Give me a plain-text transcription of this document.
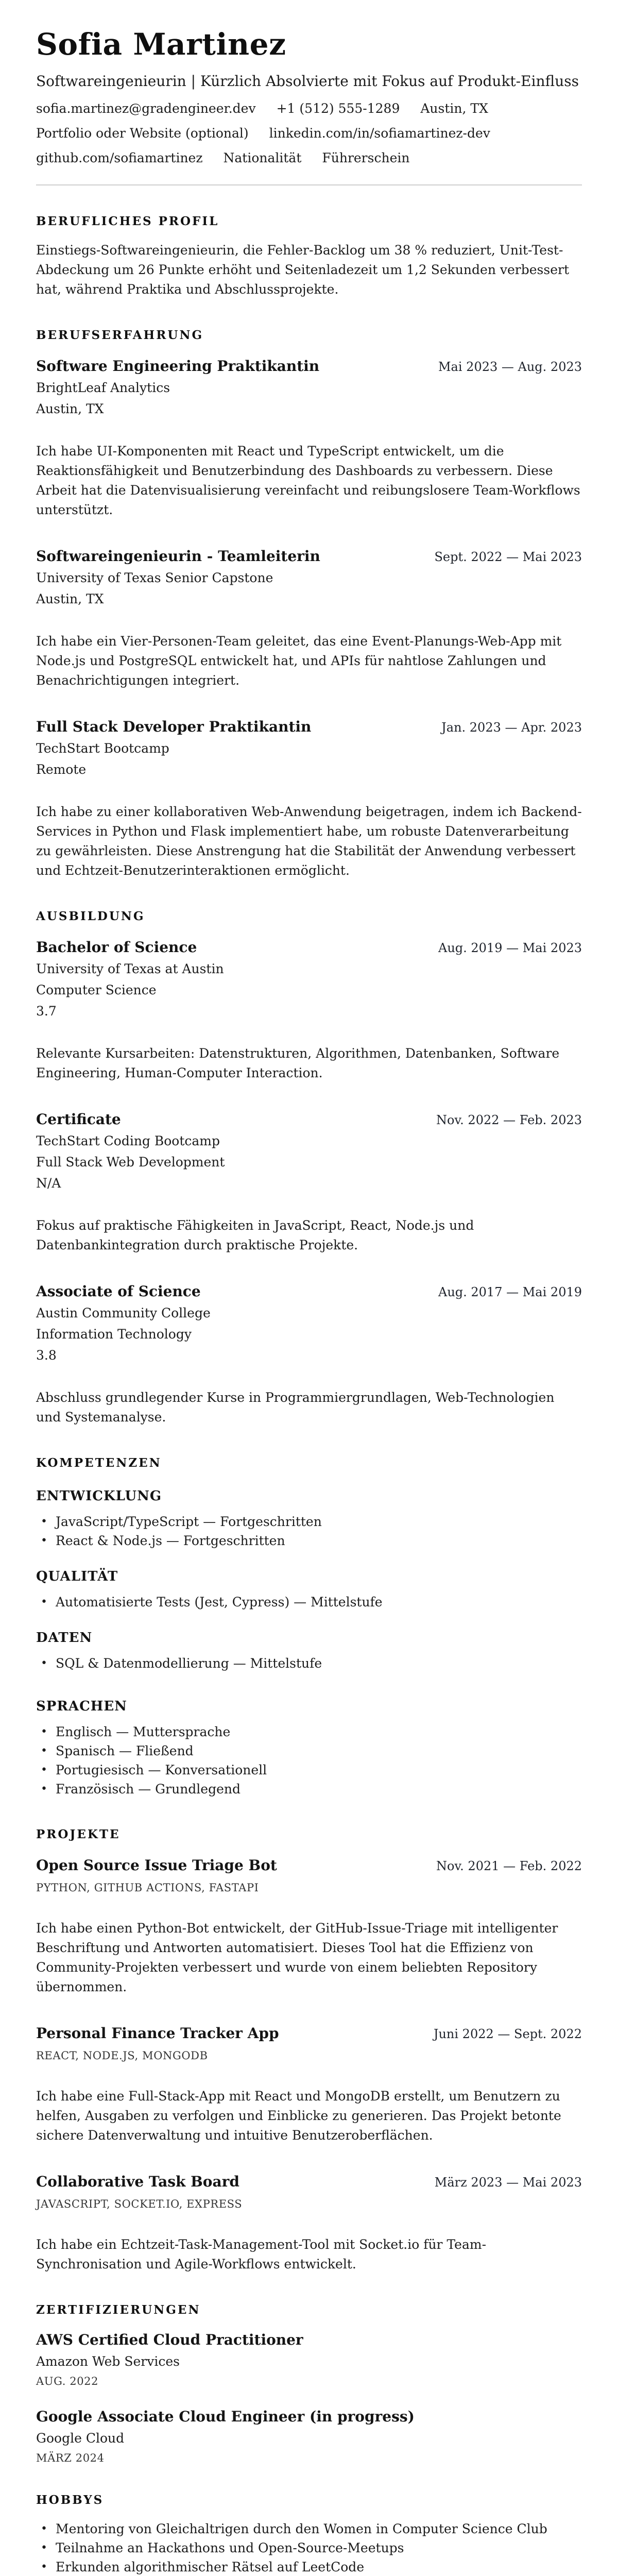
Sofia Martinez
Softwareingenieurin | Kürzlich Absolvierte mit Fokus auf Produkt-Einfluss
sofia.martinez@gradengineer.dev +1 (512) 555-1289 Austin, TX
Portfolio oder Website (optional) linkedin.com/in/sofiamartinez-dev
github.com/sofiamartinez Nationalität Führerschein
BERUFLICHES PROFIL
Einstiegs-Softwareingenieurin, die Fehler-Backlog um 38 % reduziert, Unit-Test-Abdeckung um 26 Punkte erhöht und Seitenladezeit um 1,2 Sekunden verbessert hat, während Praktika und Abschlussprojekte.
BERUFSERFAHRUNG
Software Engineering Praktikantin	Mai 2023 — Aug. 2023
BrightLeaf Analytics
Austin, TX
Ich habe UI-Komponenten mit React und TypeScript entwickelt, um die Reaktionsfähigkeit und Benutzerbindung des Dashboards zu verbessern. Diese Arbeit hat die Datenvisualisierung vereinfacht und reibungslosere Team-Workflows unterstützt.
Softwareingenieurin - Teamleiterin	Sept. 2022 — Mai 2023
University of Texas Senior Capstone
Austin, TX
Ich habe ein Vier-Personen-Team geleitet, das eine Event-Planungs-Web-App mit Node.js und PostgreSQL entwickelt hat, und APIs für nahtlose Zahlungen und Benachrichtigungen integriert.
Full Stack Developer Praktikantin	Jan. 2023 — Apr. 2023
TechStart Bootcamp
Remote
Ich habe zu einer kollaborativen Web-Anwendung beigetragen, indem ich Backend-Services in Python und Flask implementiert habe, um robuste Datenverarbeitung zu gewährleisten. Diese Anstrengung hat die Stabilität der Anwendung verbessert und Echtzeit-Benutzerinteraktionen ermöglicht.
AUSBILDUNG
Bachelor of Science	Aug. 2019 — Mai 2023
University of Texas at Austin
Computer Science
3.7
Relevante Kursarbeiten: Datenstrukturen, Algorithmen, Datenbanken, Software Engineering, Human-Computer Interaction.
Certificate	Nov. 2022 — Feb. 2023
TechStart Coding Bootcamp
Full Stack Web Development
N/A
Fokus auf praktische Fähigkeiten in JavaScript, React, Node.js und Datenbankintegration durch praktische Projekte.
Associate of Science	Aug. 2017 — Mai 2019
Austin Community College
Information Technology
3.8
Abschluss grundlegender Kurse in Programmiergrundlagen, Web-Technologien und Systemanalyse.
KOMPETENZEN
ENTWICKLUNG
• JavaScript/TypeScript — Fortgeschritten
• React & Node.js — Fortgeschritten
QUALITÄT
• Automatisierte Tests (Jest, Cypress) — Mittelstufe
DATEN
• SQL & Datenmodellierung — Mittelstufe
SPRACHEN
• Englisch — Muttersprache
• Spanisch — Fließend
• Portugiesisch — Konversationell
• Französisch — Grundlegend
PROJEKTE
Open Source Issue Triage Bot	Nov. 2021 — Feb. 2022
PYTHON, GITHUB ACTIONS, FASTAPI
Ich habe einen Python-Bot entwickelt, der GitHub-Issue-Triage mit intelligenter Beschriftung und Antworten automatisiert. Dieses Tool hat die Effizienz von Community-Projekten verbessert und wurde von einem beliebten Repository übernommen.
Personal Finance Tracker App	Juni 2022 — Sept. 2022
REACT, NODE.JS, MONGODB
Ich habe eine Full-Stack-App mit React und MongoDB erstellt, um Benutzern zu helfen, Ausgaben zu verfolgen und Einblicke zu generieren. Das Projekt betonte sichere Datenverwaltung und intuitive Benutzeroberflächen.
Collaborative Task Board	März 2023 — Mai 2023
JAVASCRIPT, SOCKET.IO, EXPRESS
Ich habe ein Echtzeit-Task-Management-Tool mit Socket.io für Team-Synchronisation und Agile-Workflows entwickelt.
ZERTIFIZIERUNGEN
AWS Certified Cloud Practitioner
Amazon Web Services
AUG. 2022
Google Associate Cloud Engineer (in progress)
Google Cloud
MÄRZ 2024
HOBBYS
• Mentoring von Gleichaltrigen durch den Women in Computer Science Club
• Teilnahme an Hackathons und Open-Source-Meetups
• Erkunden algorithmischer Rätsel auf LeetCode
